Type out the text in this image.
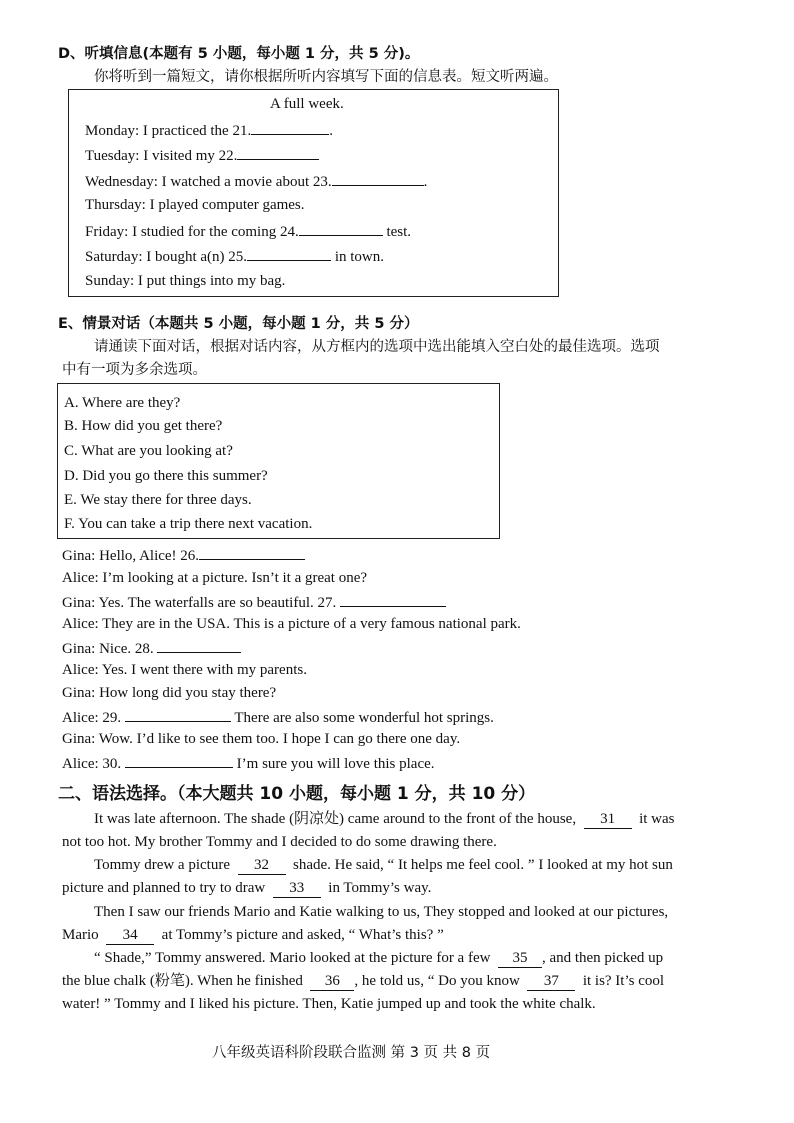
D、听填信息(本题有 5 小题，每小题 1 分，共 5 分)。
你将听到一篇短文，请你根据所听内容填写下面的信息表。短文听两遍。
A full week.
Monday: I practiced the 21.	.
Tuesday: I visited my 22.
Wednesday: I watched a movie about 23.	.
Thursday: I played computer games.
Friday: I studied for the coming 24.	test.
Saturday: I bought a(n) 25.	in town.
Sunday: I put things into my bag.
E、情景对话（本题共 5 小题，每小题 1 分，共 5 分）
请通读下面对话，根据对话内容，从方框内的选项中选出能填入空白处的最佳选项。选项
中有一项为多余选项。
A. Where are they?
B. How did you get there?
C. What are you looking at?
D. Did you go there this summer?
E. We stay there for three days.
F. You can take a trip there next vacation.
Gina: Hello, Alice! 26.
Alice: I’m looking at a picture. Isn’t it a great one?
Gina: Yes. The waterfalls are so beautiful. 27.
Alice: They are in the USA. This is a picture of a very famous national park.
Gina: Nice. 28.
Alice: Yes. I went there with my parents.
Gina: How long did you stay there?
Alice: 29.	There are also some wonderful hot springs.
Gina: Wow. I’d like to see them too. I hope I can go there one day.
Alice: 30.	I’m sure you will love this place.
二、语法选择。（本大题共 10 小题，每小题 1 分，共 10 分）
It was late afternoon. The shade (阴凉处) came around to the front of the house, 31 it was
not too hot. My brother Tommy and I decided to do some drawing there.
Tommy drew a picture 32 shade. He said, “ It helps me feel cool. ” I looked at my hot sun
picture and planned to try to draw 33 in Tommy’s way.
Then I saw our friends Mario and Katie walking to us, They stopped and looked at our pictures,
Mario 34 at Tommy’s picture and asked, “ What’s this? ”
“ Shade,” Tommy answered. Mario looked at the picture for a few 35 , and then picked up
the blue chalk (粉笔). When he finished 36 , he told us, “ Do you know 37 it is? It’s cool
water! ” Tommy and I liked his picture. Then, Katie jumped up and took the white chalk.
八年级英语科阶段联合监测 第 3 页 共 8 页
